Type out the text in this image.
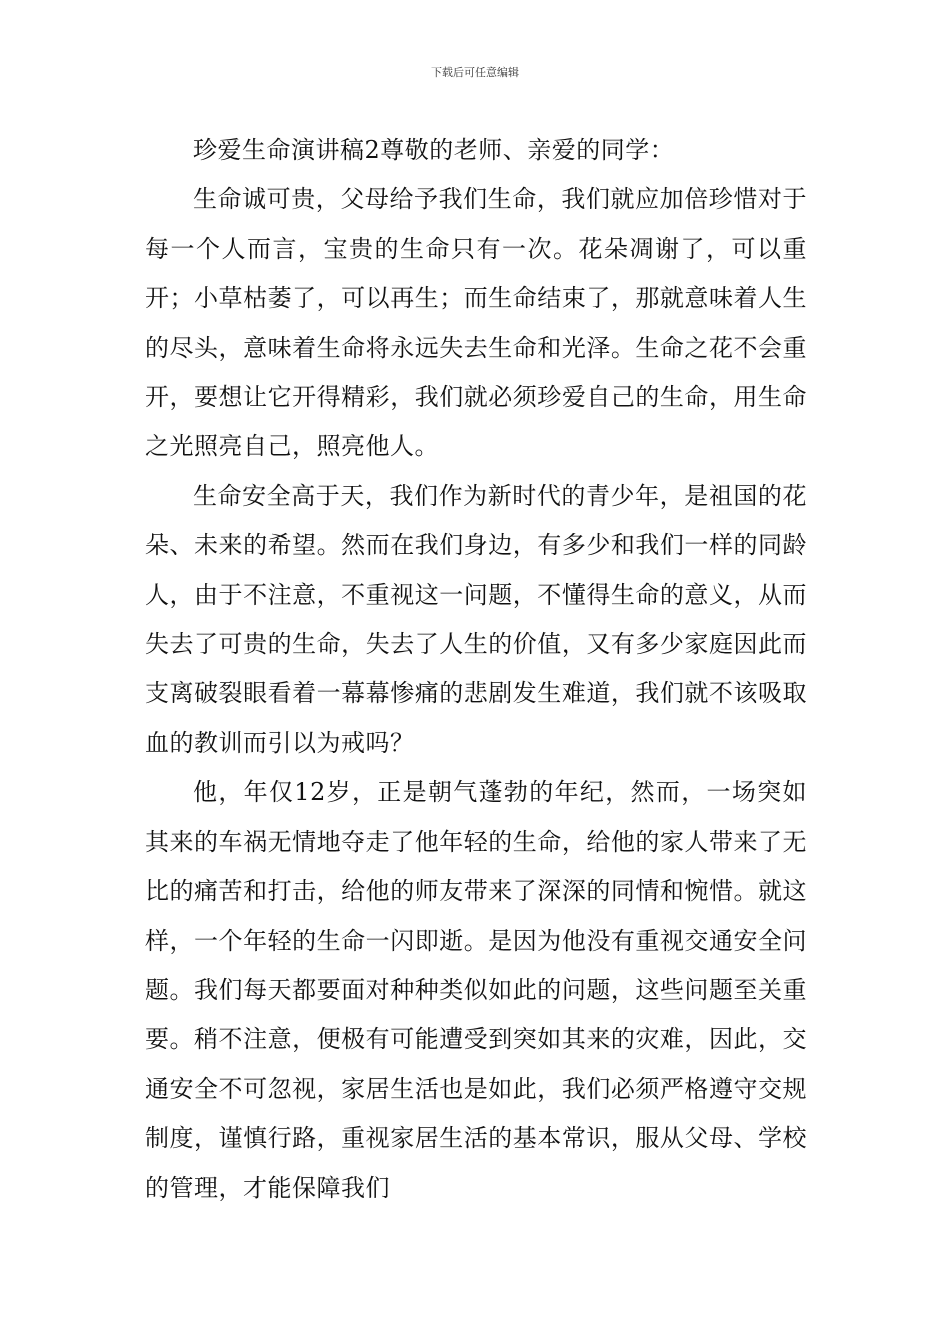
下载后可任意编辑

珍爱生命演讲稿2尊敬的老师、亲爱的同学：

生命诚可贵，父母给予我们生命，我们就应加倍珍惜对于每一个人而言，宝贵的生命只有一次。花朵凋谢了，可以重开；小草枯萎了，可以再生；而生命结束了，那就意味着人生的尽头，意味着生命将永远失去生命和光泽。生命之花不会重开，要想让它开得精彩，我们就必须珍爱自己的生命，用生命之光照亮自己，照亮他人。

生命安全高于天，我们作为新时代的青少年，是祖国的花朵、未来的希望。然而在我们身边，有多少和我们一样的同龄人，由于不注意，不重视这一问题，不懂得生命的意义，从而失去了可贵的生命，失去了人生的价值，又有多少家庭因此而支离破裂眼看着一幕幕惨痛的悲剧发生难道，我们就不该吸取血的教训而引以为戒吗？

他，年仅12岁，正是朝气蓬勃的年纪，然而，一场突如其来的车祸无情地夺走了他年轻的生命，给他的家人带来了无比的痛苦和打击，给他的师友带来了深深的同情和惋惜。就这样，一个年轻的生命一闪即逝。是因为他没有重视交通安全问题。我们每天都要面对种种类似如此的问题，这些问题至关重要。稍不注意，便极有可能遭受到突如其来的灾难，因此，交通安全不可忽视，家居生活也是如此，我们必须严格遵守交规制度，谨慎行路，重视家居生活的基本常识，服从父母、学校的管理，才能保障我们
